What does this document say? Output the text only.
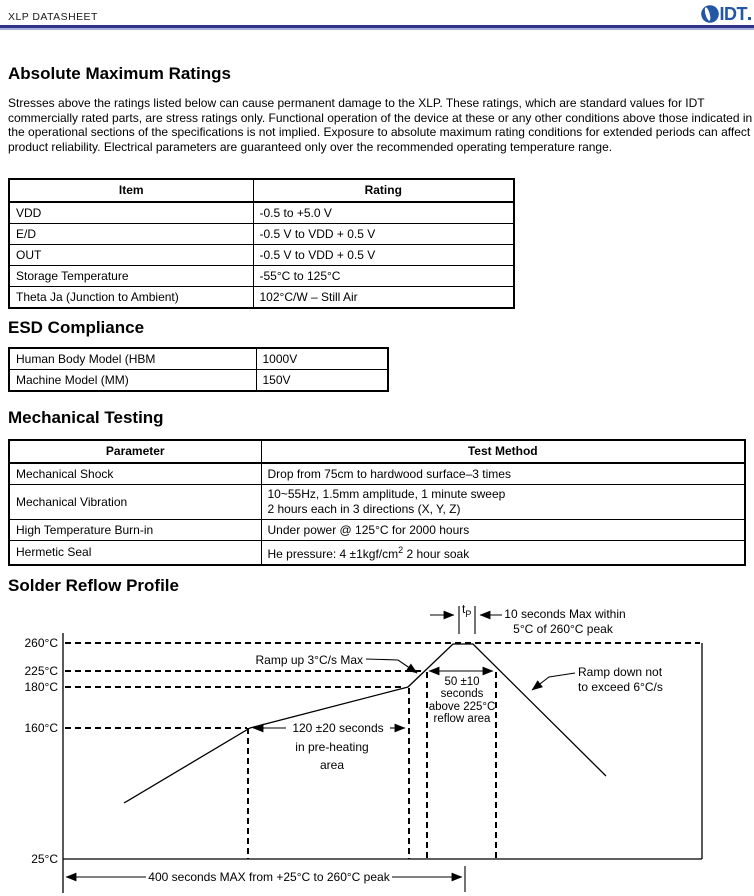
XLP DATASHEET	IDT
Absolute Maximum Ratings

Stresses above the ratings listed below can cause permanent damage to the XLP. These ratings, which are standard values for IDT commercially rated parts, are stress ratings only. Functional operation of the device at these or any other conditions above those indicated in the operational sections of the specifications is not implied. Exposure to absolute maximum rating conditions for extended periods can affect product reliability. Electrical parameters are guaranteed only over the recommended operating temperature range.

Item	Rating
VDD	-0.5 to +5.0 V
E/D	-0.5 V to VDD + 0.5 V
OUT	-0.5 V to VDD + 0.5 V
Storage Temperature	-55°C to 125°C
Theta Ja (Junction to Ambient)	102°C/W – Still Air
ESD Compliance
Human Body Model (HBM	1000V
Machine Model (MM)	150V
Mechanical Testing
Parameter	Test Method
Mechanical Shock	Drop from 75cm to hardwood surface–3 times
Mechanical Vibration	10~55Hz, 1.5mm amplitude, 1 minute sweep
2 hours each in 3 directions (X, Y, Z)

High Temperature Burn-in	Under power @ 125°C for 2000 hours
Hermetic Seal	He pressure: $4 \pm 1kgf/cm^2$ 2 hour soak
Solder Reflow Profile
260°C
225°C
180°C
160°C
25°C
$t_P$	10 seconds Max within
5°C of 260°C peak
Ramp up 3°C/s Max
Ramp down not
to exceed 6°C/s
50 ±10
seconds
above 225°C
reflow area
120 ±20 seconds
in pre-heating
area
400 seconds MAX from +25°C to 260°C peak
